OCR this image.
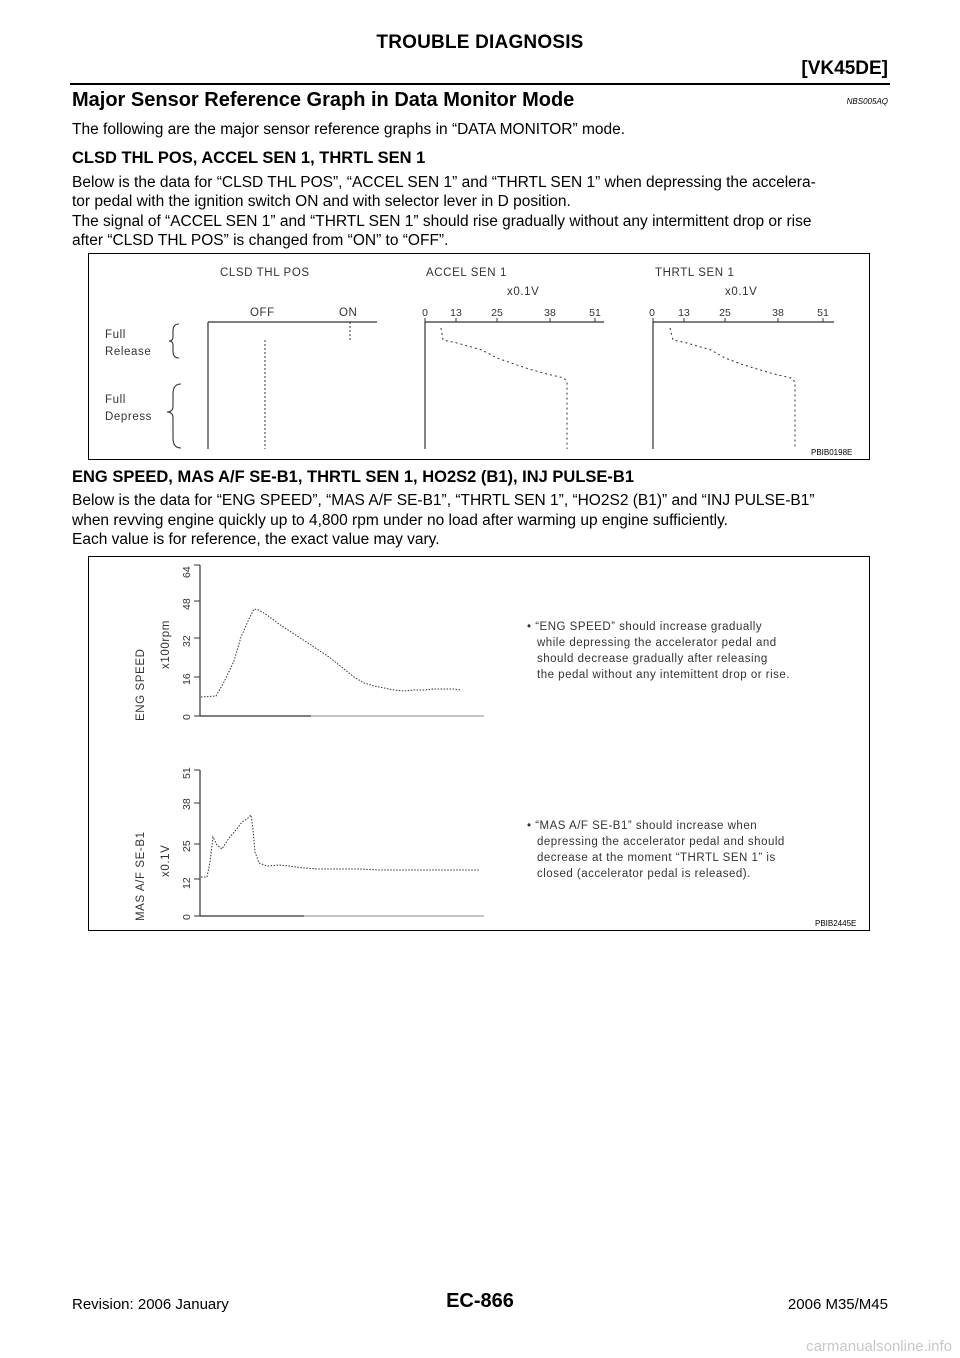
TROUBLE DIAGNOSIS
[VK45DE]
Major Sensor Reference Graph in Data Monitor Mode	NBS005AQ
The following are the major sensor reference graphs in “DATA MONITOR” mode.
CLSD THL POS, ACCEL SEN 1, THRTL SEN 1
Below is the data for “CLSD THL POS”, “ACCEL SEN 1” and “THRTL SEN 1” when depressing the accelera-
tor pedal with the ignition switch ON and with selector lever in D position.
The signal of “ACCEL SEN 1” and “THRTL SEN 1” should rise gradually without any intermittent drop or rise
after “CLSD THL POS” is changed from “ON” to “OFF”.
CLSD THL POS	ACCEL SEN 1	THRTL SEN 1
x0.1V	x0.1V
OFF	ON	0 13	25	38	51	0 13	25	38	51
Full
Release
Full
Depress
PBIB0198E
ENG SPEED, MAS A/F SE-B1, THRTL SEN 1, HO2S2 (B1), INJ PULSE-B1
Below is the data for “ENG SPEED”, “MAS A/F SE-B1”, “THRTL SEN 1”, “HO2S2 (B1)” and “INJ PULSE-B1”
when revving engine quickly up to 4,800 rpm under no load after warming up engine sufficiently.
Each value is for reference, the exact value may vary.
ENG SPEED
x100rpm
0
16
32
48
64
• “ENG SPEED” should increase gradually
while depressing the accelerator pedal and
should decrease gradually after releasing
the pedal without any intemittent drop or rise.
MAS A/F SE-B1 x0.1V
0
12
25
38
51
• “MAS A/F SE-B1” should increase when
depressing the accelerator pedal and should
decrease at the moment “THRTL SEN 1” is
closed (accelerator pedal is released).
PBIB2445E
Revision: 2006 January	EC-866	2006 M35/M45
carmanualsonline.info
